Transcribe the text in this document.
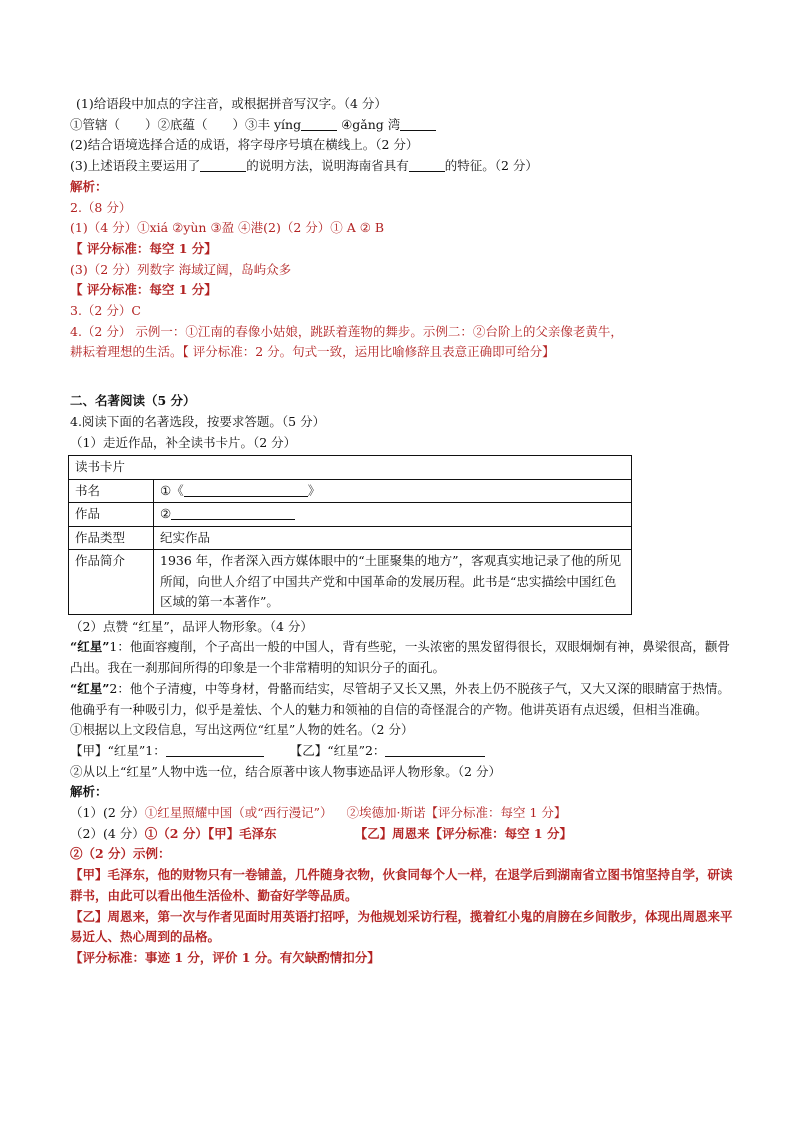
(1)给语段中加点的字注音，或根据拼音写汉字。（4 分）
①管辖（　　）②底蕴（　　）③丰 yíng	④gǎng 湾
(2)结合语境选择合适的成语，将字母序号填在横线上。（2 分）
(3)上述语段主要运用了	的说明方法，说明海南省具有	的特征。（2 分）
解析：
2.（8 分）
(1)（4 分）①xiá ②yùn ③盈 ④港(2)（2 分）① A ② B
【 评分标准：每空 1 分】
(3)（2 分）列数字 海域辽阔，岛屿众多
【 评分标准：每空 1 分】
3.（2 分）C
4.（2 分） 示例一：①江南的春像小姑娘，跳跃着莲物的舞步。示例二：②台阶上的父亲像老黄牛，耕耘着理想的生活。【 评分标准：2 分。句式一致，运用比喻修辞且表意正确即可给分】
二、名著阅读（5 分）
4.阅读下面的名著选段，按要求答题。（5 分）
（1）走近作品，补全读书卡片。（2 分）
读书卡片	
书名	①《 》
作品	②
作品类型	纪实作品
作品简介	1936 年，作者深入西方媒体眼中的“土匪聚集的地方”，客观真实地记录了他的所见所闻，向世人介绍了中国共产党和中国革命的发展历程。此书是“忠实描绘中国红色区域的第一本著作”。
（2）点赞 “红星”，品评人物形象。（4 分）
“红星”1：他面容瘦削，个子高出一般的中国人，背有些驼，一头浓密的黑发留得很长，双眼炯炯有神，鼻梁很高，颧骨凸出。我在一刹那间所得的印象是一个非常精明的知识分子的面孔。
“红星”2：他个子清瘦，中等身材，骨骼而结实，尽管胡子又长又黑，外表上仍不脱孩子气，又大又深的眼睛富于热情。他确乎有一种吸引力，似乎是羞怯、个人的魅力和领袖的自信的奇怪混合的产物。他讲英语有点迟缓，但相当准确。
①根据以上文段信息，写出这两位“红星”人物的姓名。（2 分）
【甲】“红星”1：	【乙】“红星”2：
②从以上“红星”人物中选一位，结合原著中该人物事迹品评人物形象。（2 分）
解析：
（1）(2 分）①红星照耀中国（或“西行漫记”） ②埃德加·斯诺【评分标准：每空 1 分】
（2）(4 分）①（2 分）【甲】毛泽东	【乙】周恩来【评分标准：每空 1 分】
②（2 分）示例：
【甲】毛泽东，他的财物只有一卷铺盖，几件随身衣物，伙食同每个人一样，在退学后到湖南省立图书馆坚持自学，研读群书，由此可以看出他生活俭朴、勤奋好学等品质。
【乙】周恩来，第一次与作者见面时用英语打招呼，为他规划采访行程，揽着红小鬼的肩膀在乡间散步，体现出周恩来平易近人、热心周到的品格。
【评分标准：事迹 1 分，评价 1 分。有欠缺酌情扣分】
